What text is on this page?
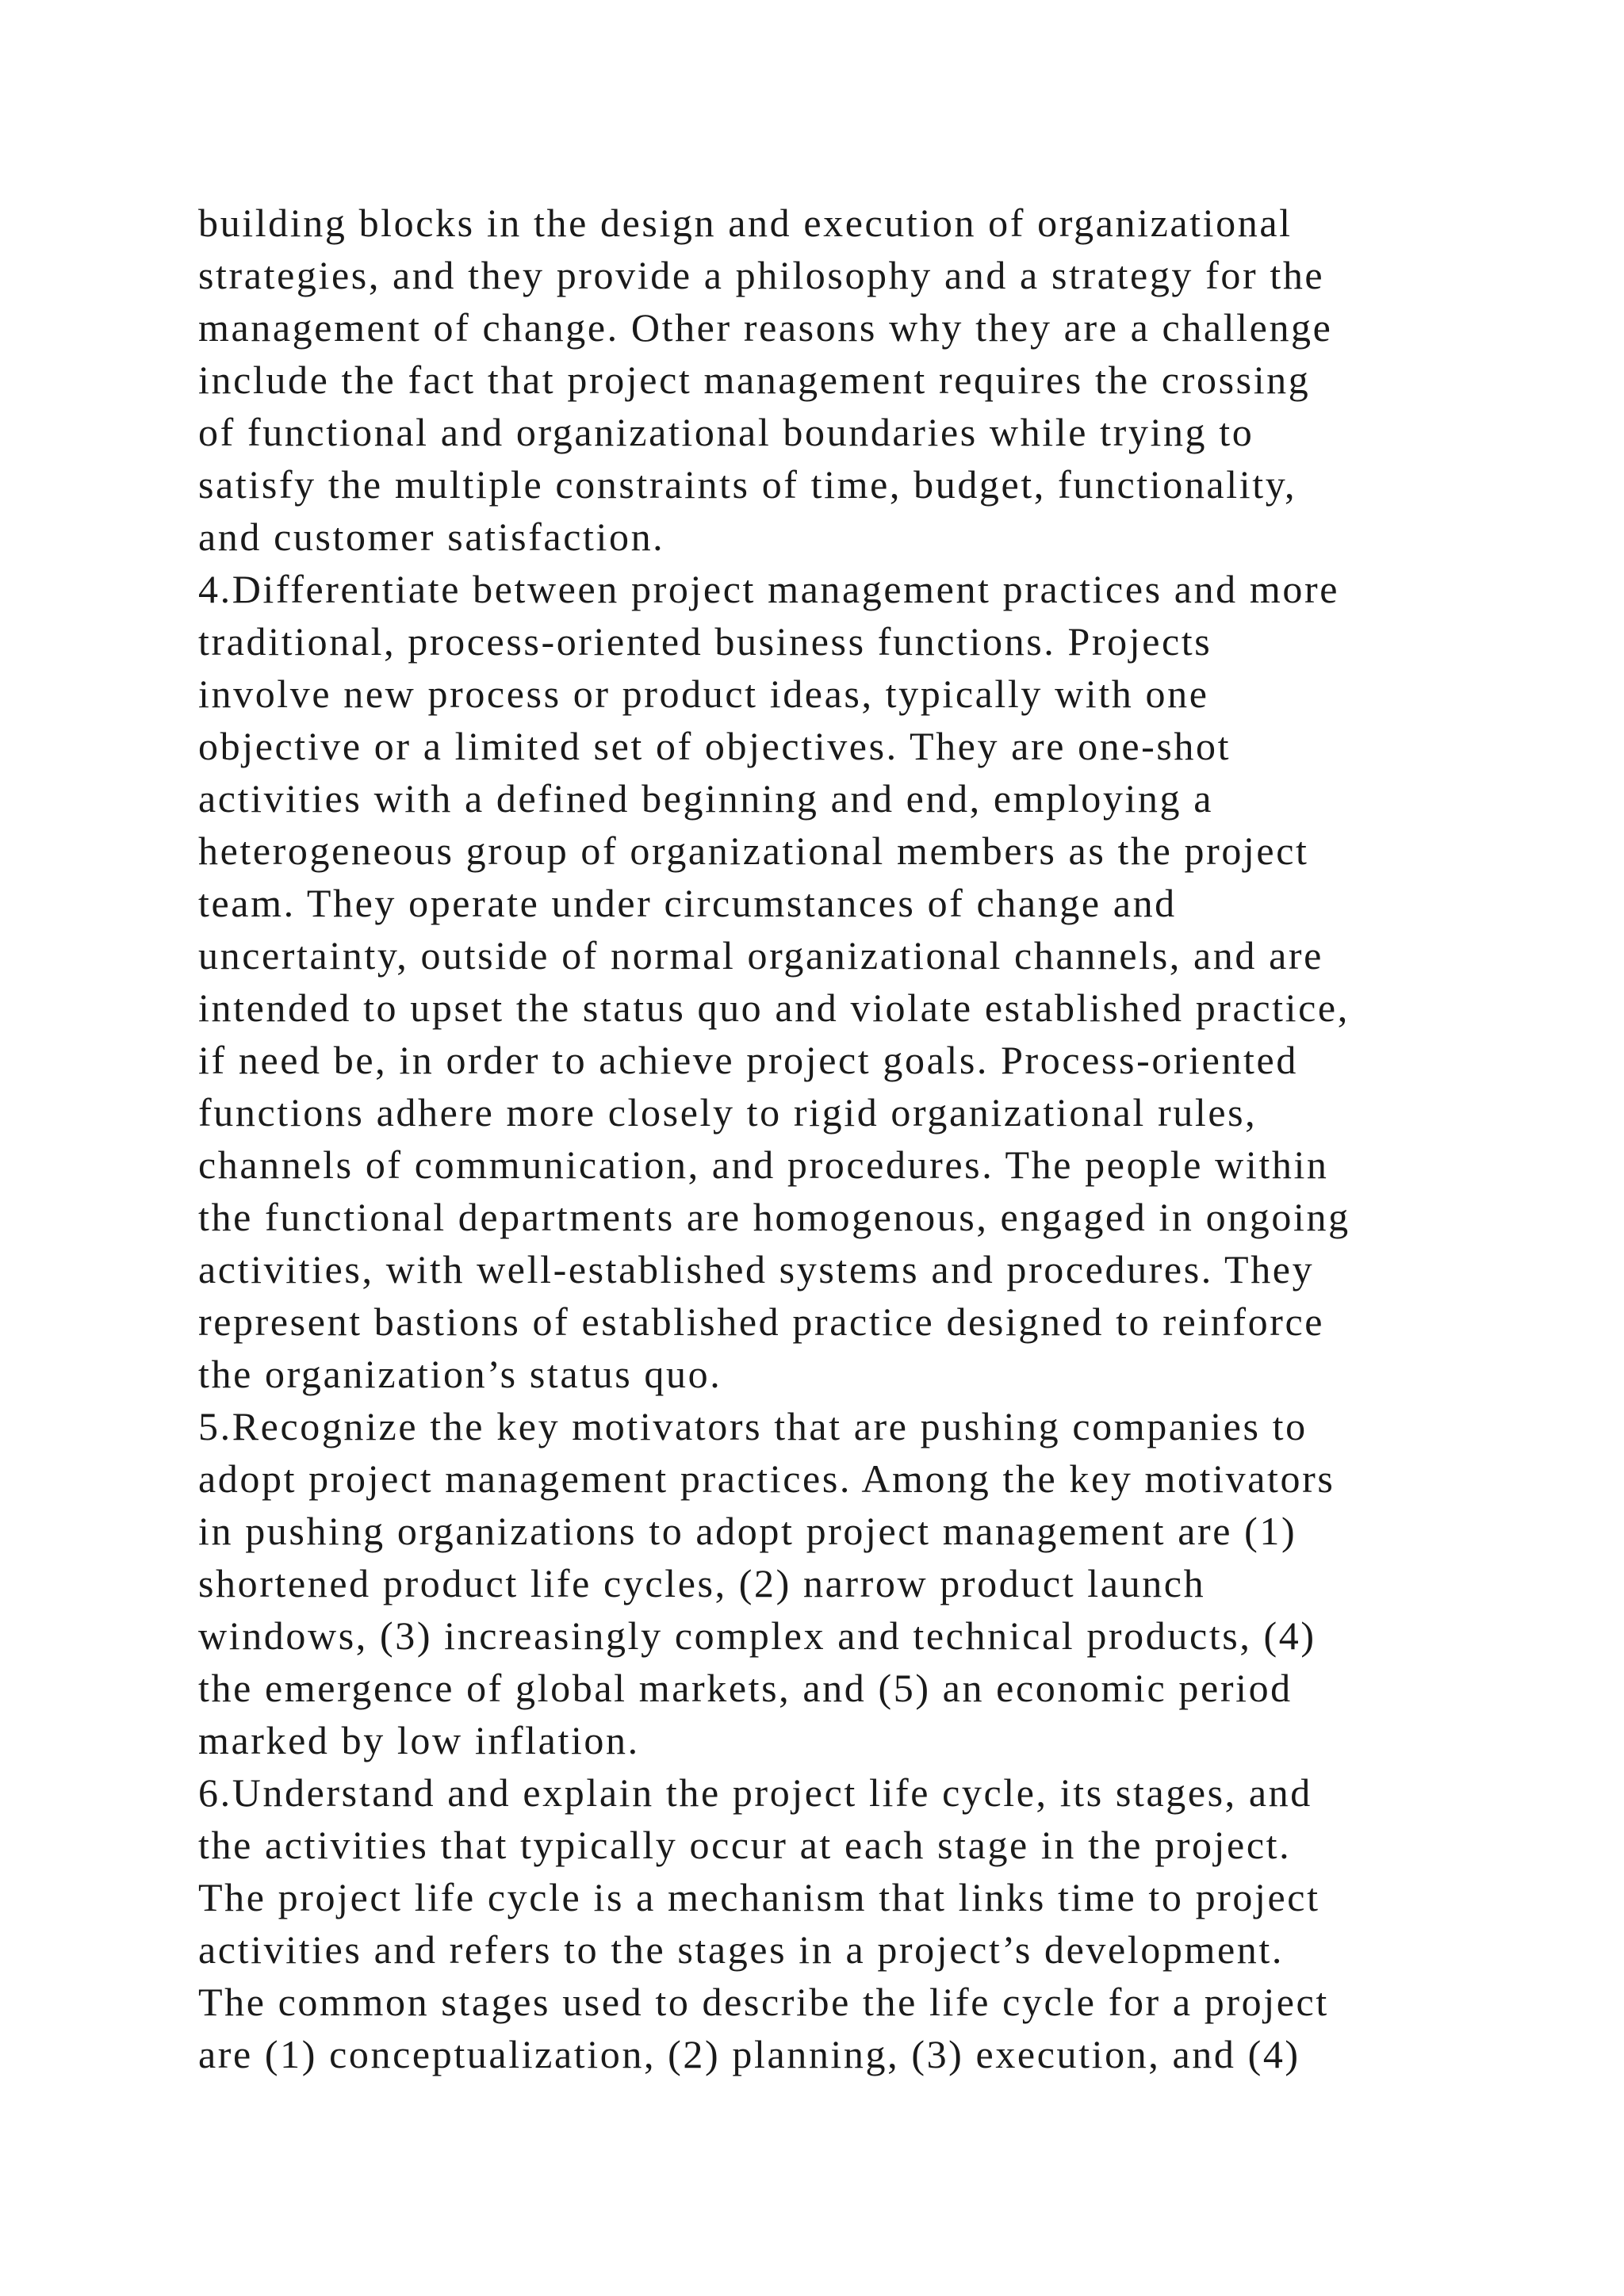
building blocks in the design and execution of organizational
strategies, and they provide a philosophy and a strategy for the
management of change. Other reasons why they are a challenge
include the fact that project management requires the crossing
of functional and organizational boundaries while trying to
satisfy the multiple constraints of time, budget, functionality,
and customer satisfaction.
4.Differentiate between project management practices and more
traditional, process-oriented business functions. Projects
involve new process or product ideas, typically with one
objective or a limited set of objectives. They are one-shot
activities with a defined beginning and end, employing a
heterogeneous group of organizational members as the project
team. They operate under circumstances of change and
uncertainty, outside of normal organizational channels, and are
intended to upset the status quo and violate established practice,
if need be, in order to achieve project goals. Process-oriented
functions adhere more closely to rigid organizational rules,
channels of communication, and procedures. The people within
the functional departments are homogenous, engaged in ongoing
activities, with well-established systems and procedures. They
represent bastions of established practice designed to reinforce
the organization’s status quo.
5.Recognize the key motivators that are pushing companies to
adopt project management practices. Among the key motivators
in pushing organizations to adopt project management are (1)
shortened product life cycles, (2) narrow product launch
windows, (3) increasingly complex and technical products, (4)
the emergence of global markets, and (5) an economic period
marked by low inflation.
6.Understand and explain the project life cycle, its stages, and
the activities that typically occur at each stage in the project.
The project life cycle is a mechanism that links time to project
activities and refers to the stages in a project’s development.
The common stages used to describe the life cycle for a project
are (1) conceptualization, (2) planning, (3) execution, and (4)
